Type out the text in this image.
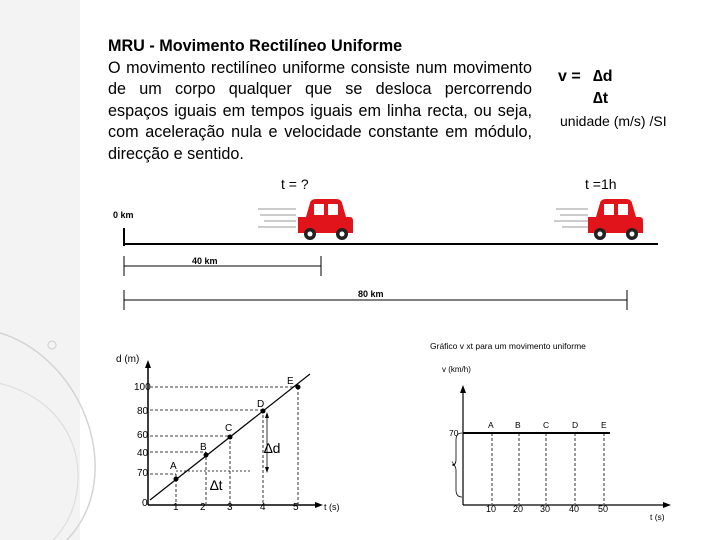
MRU - Movimento Rectilíneo Uniforme
O movimento rectilíneo uniforme consiste num movimento de um corpo qualquer que se desloca percorrendo espaços iguais em tempos iguais em linha recta, ou seja, com aceleração nula e velocidade constante em módulo, direcção e sentido.
v = ∆d
∆t
unidade (m/s) /SI
t = ?	t =1h
0 km
40 km
80 km
d (m)
t (s)
100
80
60
40
70
0	1 2 3	4	5
A
B
C
D
E
∆d
∆t
Gráfico v xt para um movimento uniforme
v (km/h)
t (s)
70
v
A	B	C	D	E
10 20 30 40 50
